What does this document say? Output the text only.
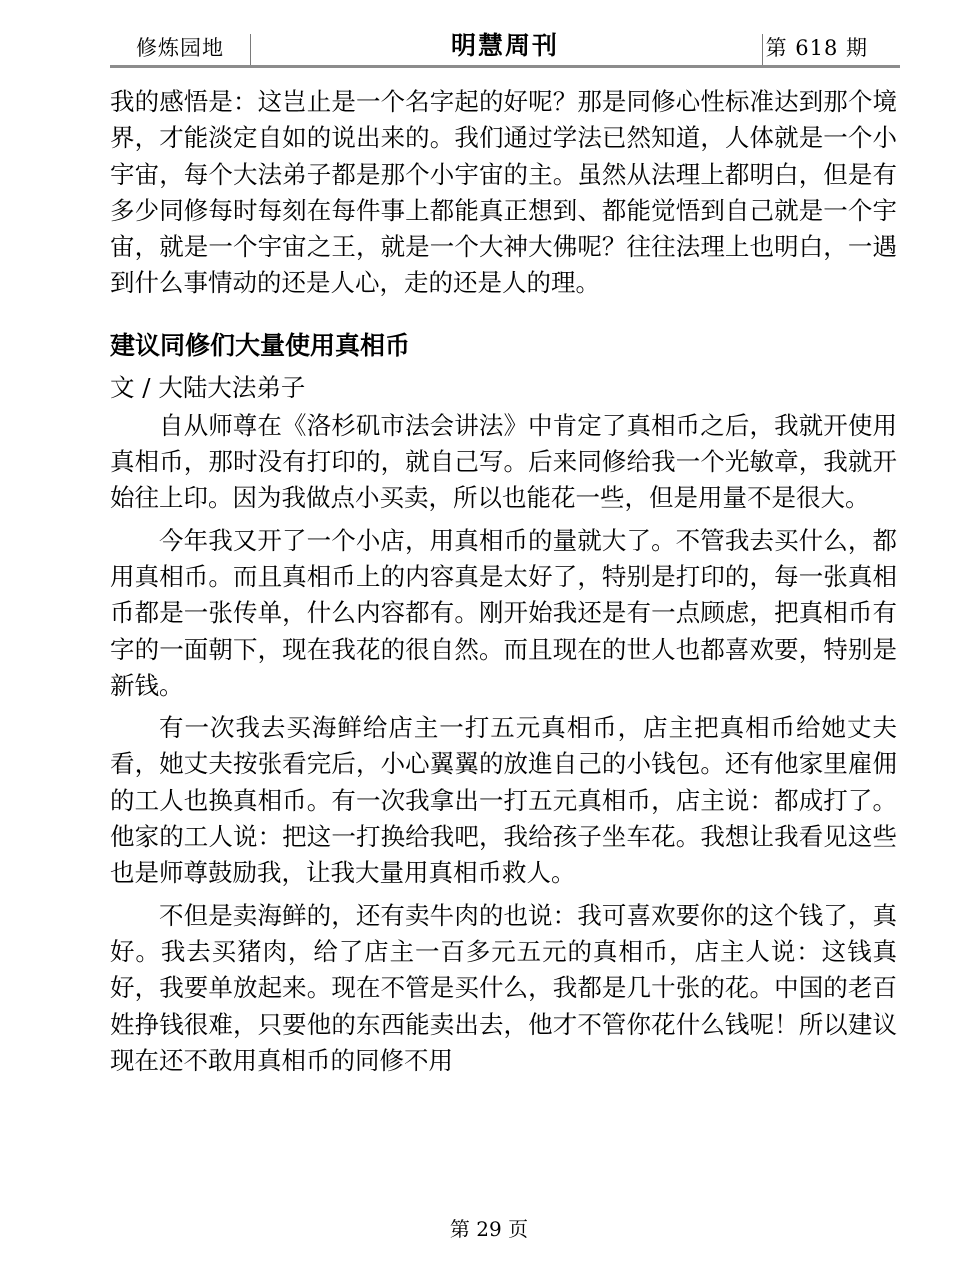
修炼园地	明慧周刊	第 618 期

我的感悟是：这岂止是一个名字起的好呢？那是同修心性标准达到那个境界，才能淡定自如的说出来的。我们通过学法已然知道，人体就是一个小宇宙，每个大法弟子都是那个小宇宙的主。虽然从法理上都明白，但是有多少同修每时每刻在每件事上都能真正想到、都能觉悟到自己就是一个宇宙，就是一个宇宙之王，就是一个大神大佛呢？往往法理上也明白，一遇到什么事情动的还是人心，走的还是人的理。

建议同修们大量使用真相币
文 / 大陆大法弟子

自从师尊在《洛杉矶市法会讲法》中肯定了真相币之后，我就开使用真相币，那时没有打印的，就自己写。后来同修给我一个光敏章，我就开始往上印。因为我做点小买卖，所以也能花一些，但是用量不是很大。

今年我又开了一个小店，用真相币的量就大了。不管我去买什么，都用真相币。而且真相币上的内容真是太好了，特别是打印的，每一张真相币都是一张传单，什么内容都有。刚开始我还是有一点顾虑，把真相币有字的一面朝下，现在我花的很自然。而且现在的世人也都喜欢要，特别是新钱。

有一次我去买海鲜给店主一打五元真相币，店主把真相币给她丈夫看，她丈夫按张看完后，小心翼翼的放進自己的小钱包。还有他家里雇佣的工人也换真相币。有一次我拿出一打五元真相币，店主说：都成打了。他家的工人说：把这一打换给我吧，我给孩子坐车花。我想让我看见这些也是师尊鼓励我，让我大量用真相币救人。

不但是卖海鲜的，还有卖牛肉的也说：我可喜欢要你的这个钱了，真好。我去买猪肉，给了店主一百多元五元的真相币，店主人说：这钱真好，我要单放起来。现在不管是买什么，我都是几十张的花。中国的老百姓挣钱很难，只要他的东西能卖出去，他才不管你花什么钱呢！所以建议现在还不敢用真相币的同修不用

第 29 页
